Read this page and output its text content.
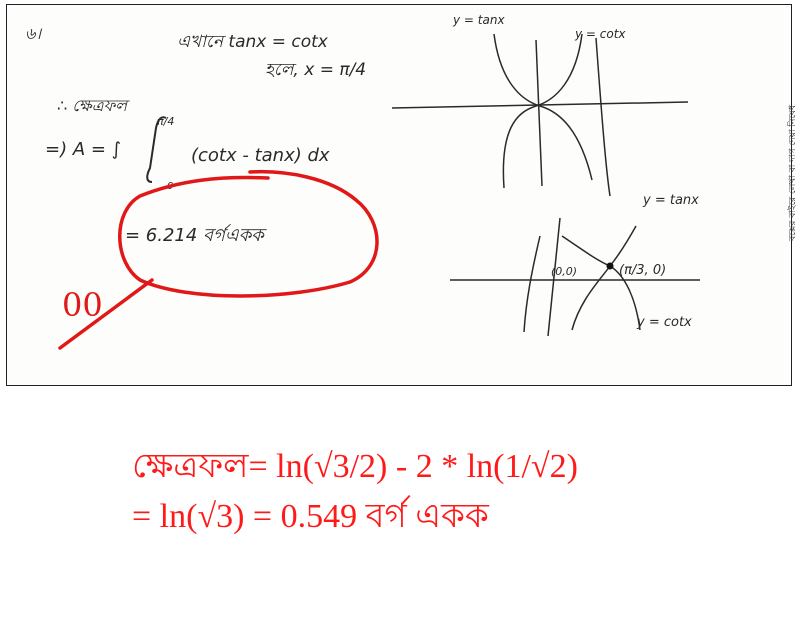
৬।	এখানে tanx = cotx
হলে, x = π/4
∴ ক্ষেত্রফল
=) A = ∫
π/4
0
(cotx - tanx) dx
= 6.214 বর্গএকক
y = tanx
y = cotx
y = tanx
y = cotx
(0,0)	(π/3, 0)
বক্সের বাইরে লেখা বা দাগ দেয়া নিষেধ
00
ক্ষেত্রফল= ln(√3/2) - 2 * ln(1/√2)
= ln(√3) = 0.549 বর্গ একক
